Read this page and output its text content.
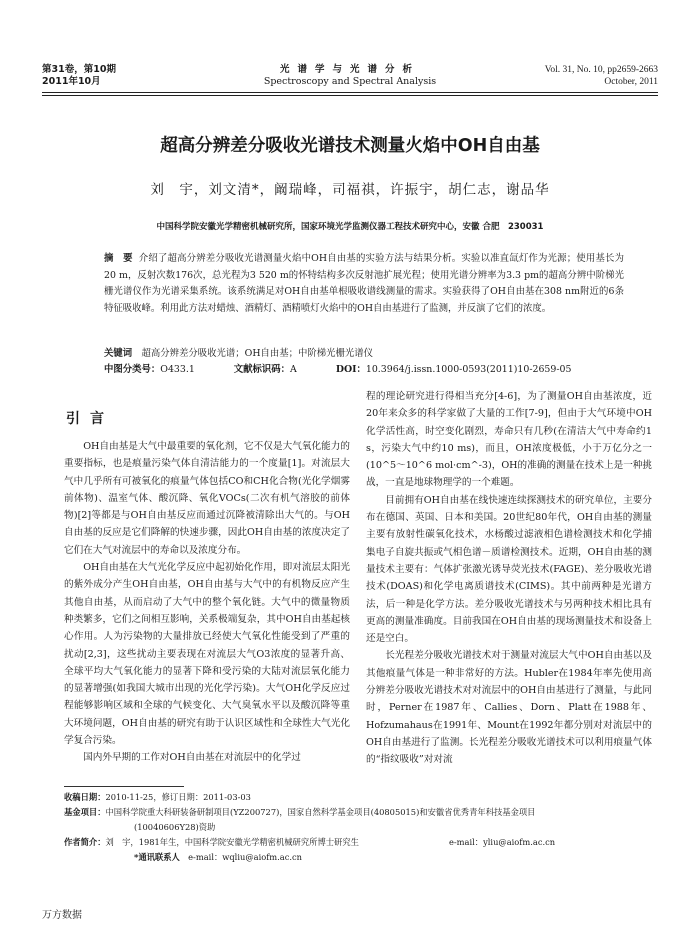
第31卷，第10期
2011年10月
光谱学与光谱分析
Spectroscopy and Spectral Analysis
Vol. 31, No. 10, pp2659-2663
October, 2011
超高分辨差分吸收光谱技术测量火焰中OH自由基
刘　宇，刘文清*，阚瑞峰，司福祺，许振宇，胡仁志，谢品华
中国科学院安徽光学精密机械研究所，国家环境光学监测仪器工程技术研究中心，安徽 合肥　230031
摘　要 介绍了超高分辨差分吸收光谱测量火焰中OH自由基的实验方法与结果分析。实验以准直氙灯作为光源；使用基长为20 m，反射次数176次，总光程为3 520 m的怀特结构多次反射池扩展光程；使用光谱分辨率为3.3 pm的超高分辨中阶梯光栅光谱仪作为光谱采集系统。该系统满足对OH自由基单根吸收谱线测量的需求。实验获得了OH自由基在308 nm附近的6条特征吸收峰。利用此方法对蜡烛、酒精灯、酒精喷灯火焰中的OH自由基进行了监测，并反演了它们的浓度。
关键词　 超高分辨差分吸收光谱；OH自由基；中阶梯光栅光谱仪
中图分类号：O433.1	文献标识码：A	DOI：10.3964/j.issn.1000-0593(2011)10-2659-05
引言

OH自由基是大气中最重要的氧化剂，它不仅是大气氧化能力的重要指标，也是痕量污染气体自清洁能力的一个度量[1]。对流层大气中几乎所有可被氧化的痕量气体包括CO和CH化合物(光化学烟雾前体物)、温室气体、酸沉降、氧化VOCs(二次有机气溶胶的前体物)[2]等都是与OH自由基反应而通过沉降被清除出大气的。与OH自由基的反应是它们降解的快速步骤，因此OH自由基的浓度决定了它们在大气对流层中的寿命以及浓度分布。

OH自由基在大气光化学反应中起初始化作用，即对流层太阳光的紫外成分产生OH自由基，OH自由基与大气中的有机物反应产生其他自由基，从而启动了大气中的整个氧化链。大气中的微量物质种类繁多，它们之间相互影响，关系极端复杂，其中OH自由基起核心作用。人为污染物的大量排放已经使大气氧化性能受到了严重的扰动[2,3]，这些扰动主要表现在对流层大气O3浓度的显著升高、全球平均大气氧化能力的显著下降和受污染的大陆对流层氧化能力的显著增强(如我国大城市出现的光化学污染)。大气OH化学反应过程能够影响区域和全球的气候变化、大气臭氧水平以及酸沉降等重大环境问题，OH自由基的研究有助于认识区域性和全球性大气光化学复合污染。

国内外早期的工作对OH自由基在对流层中的化学过

程的理论研究进行得相当充分[4-6]，为了测量OH自由基浓度，近20年来众多的科学家做了大量的工作[7-9]，但由于大气环境中OH化学活性高，时空变化剧烈，寿命只有几秒(在清洁大气中寿命约1 s，污染大气中约10 ms)，而且，OH浓度极低，小于万亿分之一(10^5～10^6 mol·cm^-3)，OH的准确的测量在技术上是一种挑战，一直是地球物理学的一个难题。

目前拥有OH自由基在线快速连续探测技术的研究单位，主要分布在德国、英国、日本和美国。20世纪80年代，OH自由基的测量主要有放射性碳氧化技术，水杨酸过滤液相色谱检测技术和化学捕集电子自旋共振或气相色谱－质谱检测技术。近期，OH自由基的测量技术主要有：气体扩张激光诱导荧光技术(FAGE)、差分吸收光谱技术(DOAS)和化学电离质谱技术(CIMS)。其中前两种是光谱方法，后一种是化学方法。差分吸收光谱技术与另两种技术相比具有更高的测量准确度。目前我国在OH自由基的现场测量技术和设备上还是空白。

长光程差分吸收光谱技术对于测量对流层大气中OH自由基以及其他痕量气体是一种非常好的方法。Hubler在1984年率先使用高分辨差分吸收光谱技术对对流层中的OH自由基进行了测量，与此同时，Perner在1987年、Callies、Dorn、Platt在1988年、Hofzumahaus在1991年、Mount在1992年都分别对对流层中的OH自由基进行了监测。长光程差分吸收光谱技术可以利用痕量气体的“指纹吸收”对对流

收稿日期：2010-11-25，修订日期：2011-03-03
基金项目：中国科学院重大科研装备研制项目(YZ200727)，国家自然科学基金项目(40805015)和安徽省优秀青年科技基金项目
(10040606Y28)资助
作者简介：刘　宇，1981年生，中国科学院安徽光学精密机械研究所博士研究生	e-mail：yliu@aiofm.ac.cn
*通讯联系人　 e-mail：wqliu@aiofm.ac.cn
万方数据
